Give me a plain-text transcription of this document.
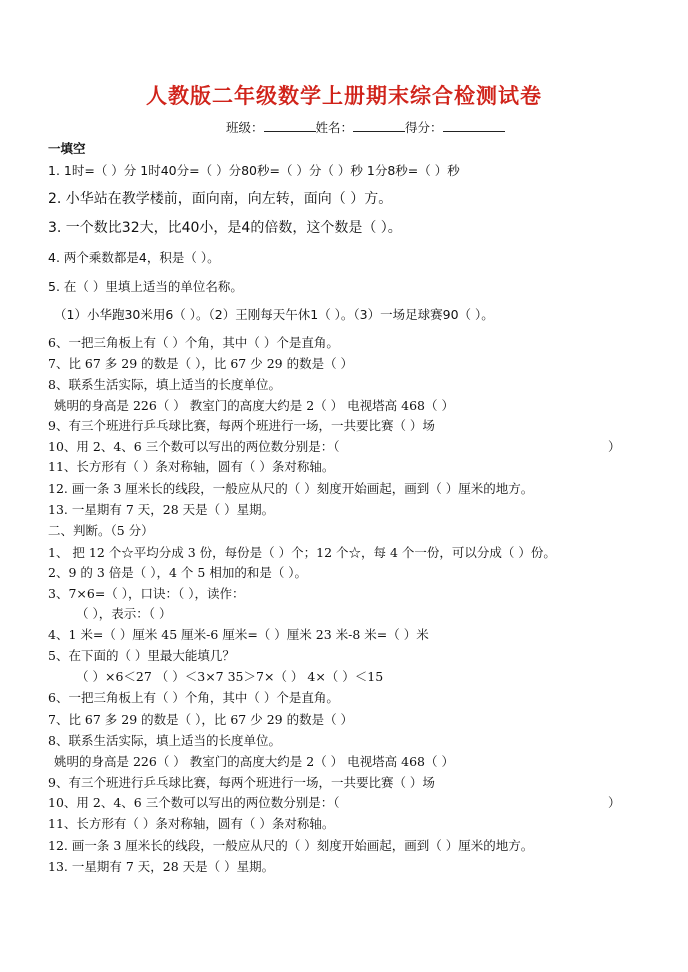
人教版二年级数学上册期末综合检测试卷
班级：	姓名：	得分：
一填空
1. 1时=（ ）分 1时40分=（ ）分80秒=（ ）分（ ）秒 1分8秒=（ ）秒
2. 小华站在教学楼前，面向南，向左转，面向（ ）方。
3. 一个数比32大，比40小，是4的倍数，这个数是（ ）。
4. 两个乘数都是4，积是（ ）。
5. 在（ ）里填上适当的单位名称。
（1）小华跑30米用6（ ）。（2）王刚每天午休1（ ）。（3）一场足球赛90（ ）。
6、一把三角板上有（ ）个角，其中（ ）个是直角。
7、比 67 多 29 的数是（ ），比 67 少 29 的数是（ ）
8、联系生活实际，填上适当的长度单位。
姚明的身高是 226（ ） 教室门的高度大约是 2（ ） 电视塔高 468（ ）
9、有三个班进行乒乓球比赛，每两个班进行一场，一共要比赛（ ）场
10、用 2、4、6 三个数可以写出的两位数分别是：（	）
11、长方形有（ ）条对称轴，圆有（ ）条对称轴。
12. 画一条 3 厘米长的线段，一般应从尺的（ ）刻度开始画起，画到（ ）厘米的地方。
13. 一星期有 7 天，28 天是（ ）星期。
二、判断。（5 分）
1、 把 12 个☆平均分成 3 份，每份是（ ）个；12 个☆，每 4 个一份，可以分成（ ）份。
2、9 的 3 倍是（ ），4 个 5 相加的和是（ ）。
3、7×6=（ ），口诀：（ ），读作：
（ ），表示：（ ）
4、1 米=（ ）厘米 45 厘米-6 厘米=（ ）厘米 23 米-8 米=（ ）米
5、在下面的（ ）里最大能填几？
（ ）×6＜27 （ ）＜3×7 35＞7×（ ） 4×（ ）＜15
6、一把三角板上有（ ）个角，其中（ ）个是直角。
7、比 67 多 29 的数是（ ），比 67 少 29 的数是（ ）
8、联系生活实际，填上适当的长度单位。
姚明的身高是 226（ ） 教室门的高度大约是 2（ ） 电视塔高 468（ ）
9、有三个班进行乒乓球比赛，每两个班进行一场，一共要比赛（ ）场
10、用 2、4、6 三个数可以写出的两位数分别是：（	）
11、长方形有（ ）条对称轴，圆有（ ）条对称轴。
12. 画一条 3 厘米长的线段，一般应从尺的（ ）刻度开始画起，画到（ ）厘米的地方。
13. 一星期有 7 天，28 天是（ ）星期。
